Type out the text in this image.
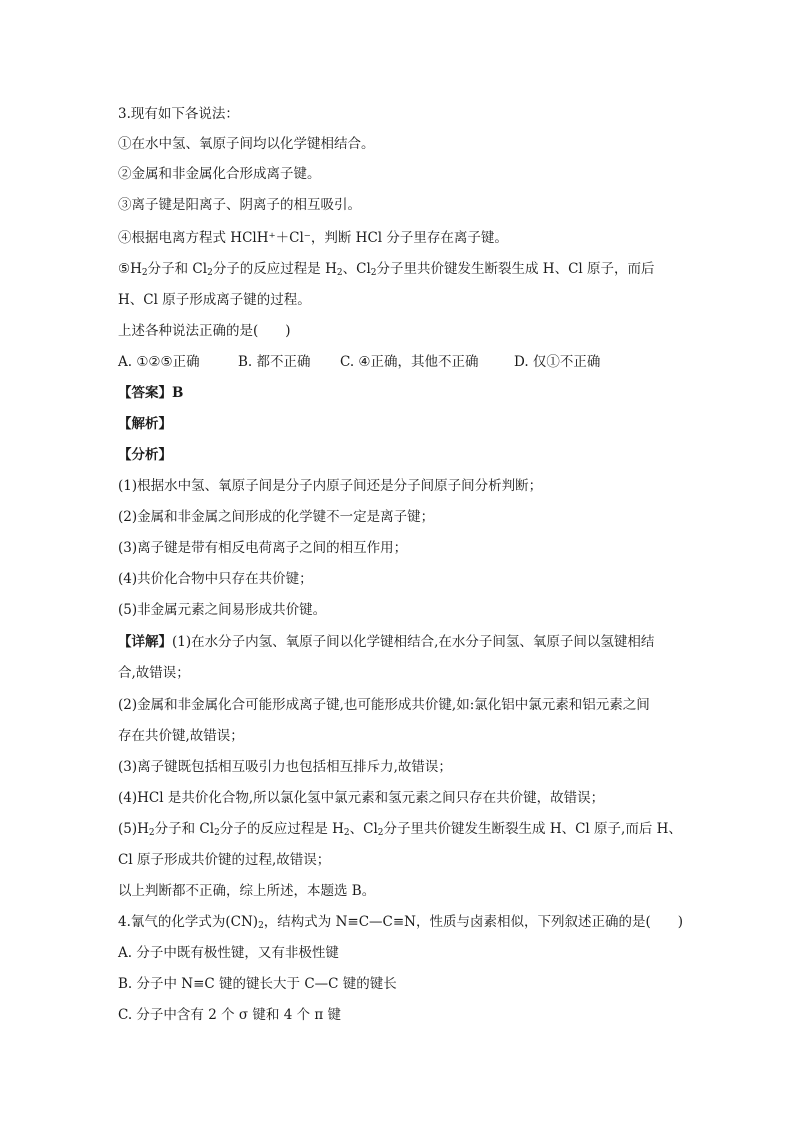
3.现有如下各说法：
①在水中氢、氧原子间均以化学键相结合。
②金属和非金属化合形成离子键。
③离子键是阳离子、阴离子的相互吸引。
④根据电离方程式 HClH⁺＋Cl⁻，判断 HCl 分子里存在离子键。
$⑤H_2$分子和 $Cl_2$分子的反应过程是 $H_2$、$Cl_2$分子里共价键发生断裂生成 H、Cl 原子，而后
H、Cl 原子形成离子键的过程。
上述各种说法正确的是(　　)
A. ①②⑤正确	B. 都不正确 C. ④正确，其他不正确	D. 仅①不正确
【答案】B
【解析】
【分析】
(1)根据水中氢、氧原子间是分子内原子间还是分子间原子间分析判断；
(2)金属和非金属之间形成的化学键不一定是离子键；
(3)离子键是带有相反电荷离子之间的相互作用；
(4)共价化合物中只存在共价键；
(5)非金属元素之间易形成共价键。
【详解】(1)在水分子内氢、氧原子间以化学键相结合,在水分子间氢、氧原子间以氢键相结
合,故错误；
(2)金属和非金属化合可能形成离子键,也可能形成共价键,如:氯化铝中氯元素和铝元素之间
存在共价键,故错误；
(3)离子键既包括相互吸引力也包括相互排斥力,故错误；
(4)HCl 是共价化合物,所以氯化氢中氯元素和氢元素之间只存在共价键，故错误；
$(5)H_2$分子和 $Cl_2$分子的反应过程是 $H_2$、$Cl_2$分子里共价键发生断裂生成 H、Cl 原子,而后 H、
Cl 原子形成共价键的过程,故错误；
以上判断都不正确，综上所述，本题选 B。
4.氰气的化学式为$(CN)_2$，结构式为 N≡C—C≡N，性质与卤素相似，下列叙述正确的是(　　)
A. 分子中既有极性键，又有非极性键
B. 分子中 N≡C 键的键长大于 C—C 键的键长
C. 分子中含有 2 个 σ 键和 4 个 π 键
